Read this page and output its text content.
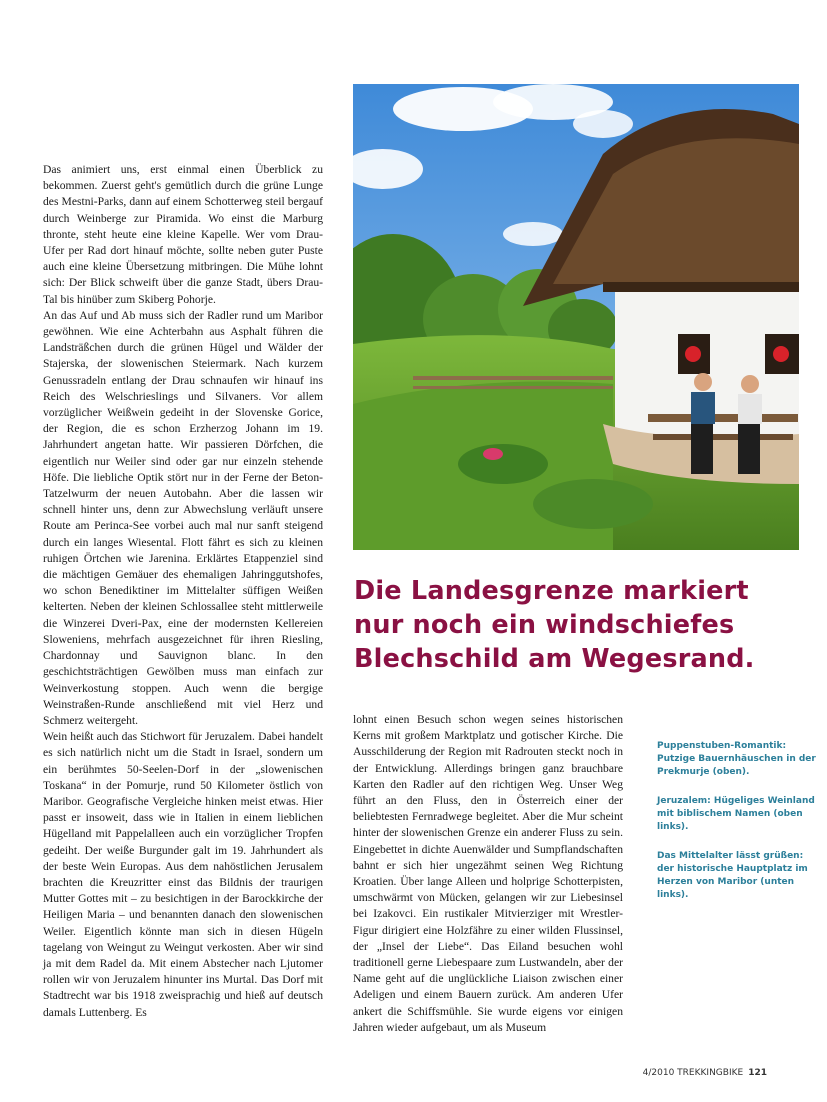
Das animiert uns, erst einmal einen Überblick zu bekommen. Zuerst geht's gemütlich durch die grüne Lunge des Mestni-Parks, dann auf einem Schotterweg steil bergauf durch Weinberge zur Piramida. Wo einst die Marburg thronte, steht heute eine kleine Kapelle. Wer vom Drau-Ufer per Rad dort hinauf möchte, sollte neben guter Puste auch eine kleine Übersetzung mitbringen. Die Mühe lohnt sich: Der Blick schweift über die ganze Stadt, übers Drau-Tal bis hinüber zum Skiberg Pohorje.

An das Auf und Ab muss sich der Radler rund um Maribor gewöhnen. Wie eine Achterbahn aus Asphalt führen die Landsträßchen durch die grünen Hügel und Wälder der Stajerska, der slowenischen Steiermark. Nach kurzem Genussradeln entlang der Drau schnaufen wir hinauf ins Reich des Welschrieslings und Silvaners. Vor allem vorzüglicher Weißwein gedeiht in der Slovenske Gorice, der Region, die es schon Erzherzog Johann im 19. Jahrhundert angetan hatte. Wir passieren Dörfchen, die eigentlich nur Weiler sind oder gar nur einzeln stehende Höfe. Die liebliche Optik stört nur in der Ferne der Beton-Tatzelwurm der neuen Autobahn. Aber die lassen wir schnell hinter uns, denn zur Abwechslung verläuft unsere Route am Perinca-See vorbei auch mal nur sanft steigend durch ein langes Wiesental. Flott fährt es sich zu kleinen ruhigen Örtchen wie Jarenina. Erklärtes Etappenziel sind die mächtigen Gemäuer des ehemaligen Jahringgutshofes, wo schon Benediktiner im Mittelalter süffigen Weißen kelterten. Neben der kleinen Schlossallee steht mittlerweile die Winzerei Dveri-Pax, eine der modernsten Kellereien Sloweniens, mehrfach ausgezeichnet für ihren Riesling, Chardonnay und Sauvignon blanc. In den geschichtsträchtigen Gewölben muss man einfach zur Weinverkostung stoppen. Auch wenn die bergige Weinstraßen-Runde anschließend mit viel Herz und Schmerz weitergeht.

Wein heißt auch das Stichwort für Jeruzalem. Dabei handelt es sich natürlich nicht um die Stadt in Israel, sondern um ein berühmtes 50-Seelen-Dorf in der „slowenischen Toskana“ in der Pomurje, rund 50 Kilometer östlich von Maribor. Geografische Vergleiche hinken meist etwas. Hier passt er insoweit, dass wie in Italien in einem lieblichen Hügelland mit Pappelalleen auch ein vorzüglicher Tropfen gedeiht. Der weiße Burgunder galt im 19. Jahrhundert als der beste Wein Europas. Aus dem nahöstlichen Jerusalem brachten die Kreuzritter einst das Bildnis der traurigen Mutter Gottes mit – zu besichtigen in der Barockkirche der Heiligen Maria – und benannten danach den slowenischen Weiler. Eigentlich könnte man sich in diesen Hügeln tagelang von Weingut zu Weingut verkosten. Aber wir sind ja mit dem Radel da. Mit einem Abstecher nach Ljutomer rollen wir von Jeruzalem hinunter ins Murtal. Das Dorf mit Stadtrecht war bis 1918 zweisprachig und hieß auf deutsch damals Luttenberg. Es

Die Landesgrenze markiert
nur noch ein windschiefes
Blechschild am Wegesrand.

lohnt einen Besuch schon wegen seines historischen Kerns mit großem Marktplatz und gotischer Kirche. Die Ausschilderung der Region mit Radrouten steckt noch in der Entwicklung. Allerdings bringen ganz brauchbare Karten den Radler auf den richtigen Weg. Unser Weg führt an den Fluss, den in Österreich einer der beliebtesten Fernradwege begleitet. Aber die Mur scheint hinter der slowenischen Grenze ein anderer Fluss zu sein. Eingebettet in dichte Auenwälder und Sumpflandschaften bahnt er sich hier ungezähmt seinen Weg Richtung Kroatien. Über lange Alleen und holprige Schotterpisten, umschwärmt von Mücken, gelangen wir zur Liebesinsel bei Izakovci. Ein rustikaler Mitvierziger mit Wrestler-Figur dirigiert eine Holzfähre zu einer wilden Flussinsel, der „Insel der Liebe“. Das Eiland besuchen wohl traditionell gerne Liebespaare zum Lustwandeln, aber der Name geht auf die unglückliche Liaison zwischen einer Adeligen und einem Bauern zurück. Am anderen Ufer ankert die Schiffsmühle. Sie wurde eigens vor einigen Jahren wieder aufgebaut, um als Museum

Puppenstuben-Romantik: Putzige Bauernhäuschen in der Prekmurje (oben).

Jeruzalem: Hügeliges Weinland mit biblischem Namen (oben links).

Das Mittelalter lässt grüßen: der historische Hauptplatz im Herzen von Maribor (unten links).

4/2010 TREKKINGBIKE 121
